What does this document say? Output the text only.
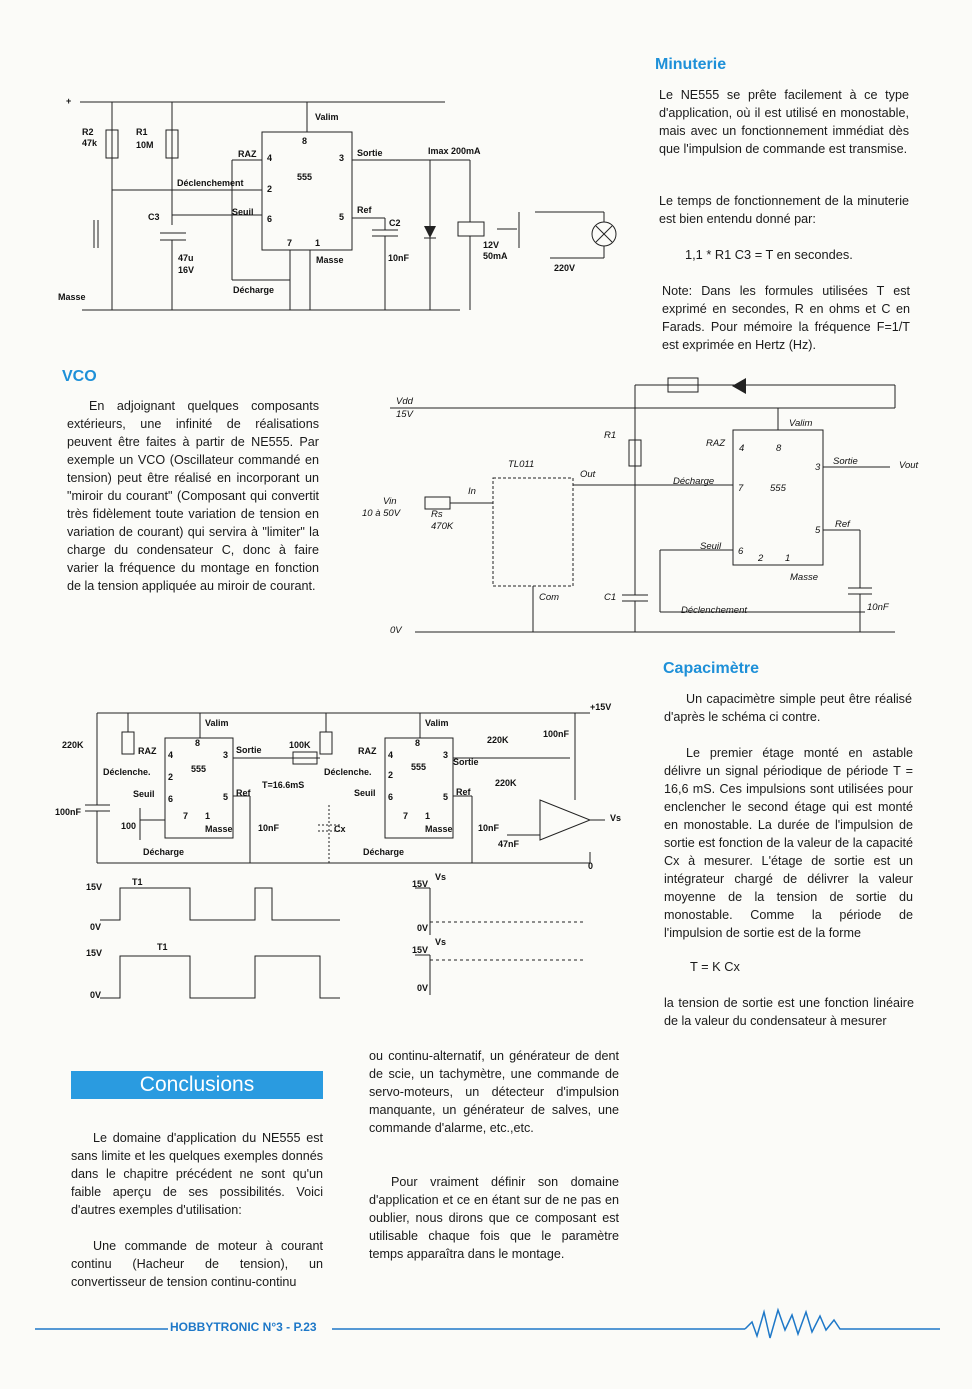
+
R2
47k
R1
10M
Valim
RAZ
8
4	3 Sortie	Imax 200mA
555
Déclenchement
2
Ref
Seuil
6	5
C2
C3
7	1
Masse	10nF
12V
50mA
47u
16V
Décharge
220V
Masse
Vdd
15V
R1
Valim
TL011
RAZ 4	8
3
Sortie	Vout
Out
In
Décharge
7	555
Vin
10 à 50V	Rs
470K	Ref
5
Seuil 6
2 1
Masse
Com	C1
Déclenchement	10nF
0V
+15V
220K
Valim	Valim
RAZ	RAZ
8
4	3 Sortie	100K
555
Déclenche. 2
T=16.6mS
Seuil 6	5 Ref
100nF
100
7 1
Masse	10nF	Cx
Décharge
8
4	3
Sortie
220K
100nF
555
Déclenche. 2
220K
Seuil 6	5 Ref
7 1
Masse	10nF
47nF
Vs
Décharge
0
T1
15V
0V
T1
15V
0V
Vs
15V
0V
Vs
15V
0V
Minuterie

Le NE555 se prête facilement à ce type d'application, où il est utilisé en monostable, mais avec un fonctionnement immédiat dès que l'impulsion de commande est transmise.

Le temps de fonctionnement de la minuterie est bien entendu donné par:

1,1 * R1 C3 = T en secondes.

Note: Dans les formules utilisées T est exprimé en secondes, R en ohms et C en Farads. Pour mémoire la fréquence F=1/T est exprimée en Hertz (Hz).

VCO

En adjoignant quelques composants extérieurs, une infinité de réalisations peuvent être faites à partir de NE555. Par exemple un VCO (Oscillateur commandé en tension) peut être réalisé en incorporant un "miroir du courant" (Composant qui convertit très fidèlement toute variation de tension en variation de courant) qui servira à "limiter" la charge du condensateur C, donc à faire varier la fréquence du montage en fonction de la tension appliquée au miroir de courant.

Capacimètre

Un capacimètre simple peut être réalisé d'après le schéma ci contre.

Le premier étage monté en astable délivre un signal périodique de période T = 16,6 mS. Ces impulsions sont utilisées pour enclencher le second étage qui est monté en monostable. La durée de l'impulsion de sortie est fonction de la valeur de la capacité Cx à mesurer. L'étage de sortie est un intégrateur chargé de délivrer la valeur moyenne de la tension de sortie du monostable. Comme la période de l'impulsion de sortie est de la forme

T = K Cx

la tension de sortie est une fonction linéaire de la valeur du condensateur à mesurer

Conclusions

Le domaine d'application du NE555 est sans limite et les quelques exemples donnés dans le chapitre précédent ne sont qu'un faible aperçu de ses possibilités. Voici d'autres exemples d'utilisation:

Une commande de moteur à courant continu (Hacheur de tension), un convertisseur de tension continu-continu

ou continu-alternatif, un générateur de dent de scie, un tachymètre, une commande de servo-moteurs, un détecteur d'impulsion manquante, un générateur de salves, une commande d'alarme, etc.,etc.

Pour vraiment définir son domaine d'application et ce en étant sur de ne pas en oublier, nous dirons que ce composant est utilisable chaque fois que le paramètre temps apparaîtra dans le montage.

HOBBYTRONIC N°3 - P.23
